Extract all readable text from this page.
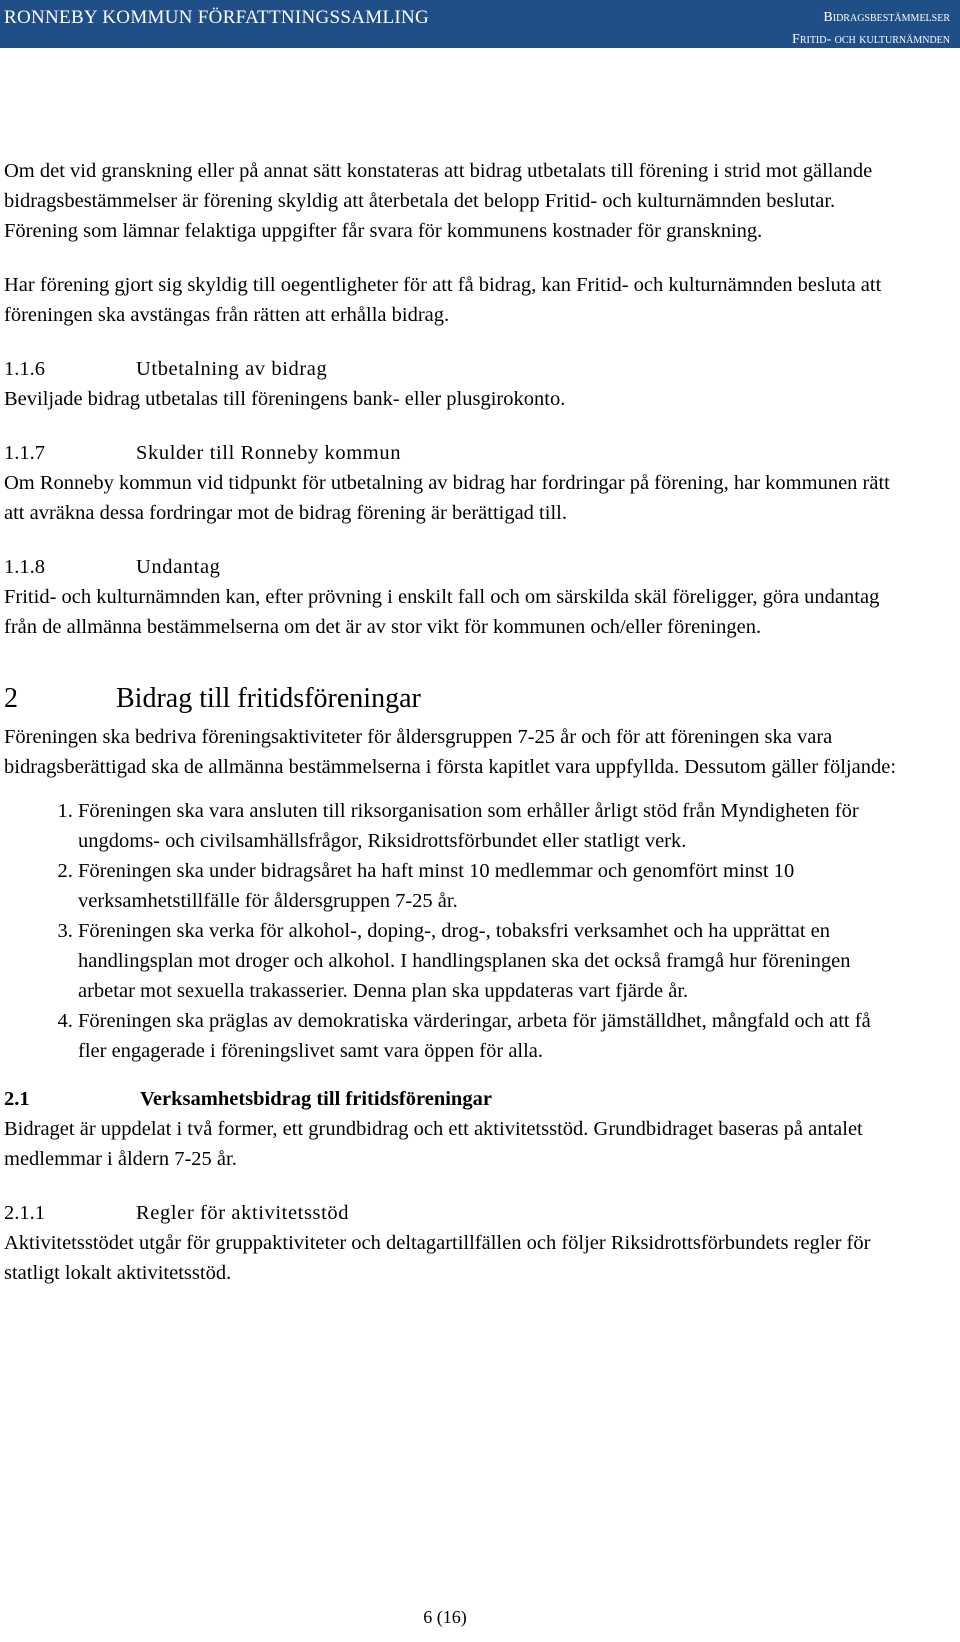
RONNEBY KOMMUN FÖRFATTNINGSSAMLING	Bidragsbestämmelser
Fritid- och kulturnämnden

Om det vid granskning eller på annat sätt konstateras att bidrag utbetalats till förening i strid mot gällande bidragsbestämmelser är förening skyldig att återbetala det belopp Fritid- och kulturnämnden beslutar. Förening som lämnar felaktiga uppgifter får svara för kommunens kostnader för granskning.

Har förening gjort sig skyldig till oegentligheter för att få bidrag, kan Fritid- och kulturnämnden besluta att föreningen ska avstängas från rätten att erhålla bidrag.

1.1.6	Utbetalning av bidrag

Beviljade bidrag utbetalas till föreningens bank- eller plusgirokonto.

1.1.7	Skulder till Ronneby kommun

Om Ronneby kommun vid tidpunkt för utbetalning av bidrag har fordringar på förening, har kommunen rätt att avräkna dessa fordringar mot de bidrag förening är berättigad till.

1.1.8	Undantag

Fritid- och kulturnämnden kan, efter prövning i enskilt fall och om särskilda skäl föreligger, göra undantag från de allmänna bestämmelserna om det är av stor vikt för kommunen och/eller föreningen.

2	Bidrag till fritidsföreningar

Föreningen ska bedriva föreningsaktiviteter för åldersgruppen 7-25 år och för att föreningen ska vara bidragsberättigad ska de allmänna bestämmelserna i första kapitlet vara uppfyllda. Dessutom gäller följande:

1. Föreningen ska vara ansluten till riksorganisation som erhåller årligt stöd från Myndigheten för ungdoms- och civilsamhällsfrågor, Riksidrottsförbundet eller statligt verk.
2. Föreningen ska under bidragsåret ha haft minst 10 medlemmar och genomfört minst 10 verksamhetstillfälle för åldersgruppen 7-25 år.
3. Föreningen ska verka för alkohol-, doping-, drog-, tobaksfri verksamhet och ha upprättat en handlingsplan mot droger och alkohol. I handlingsplanen ska det också framgå hur föreningen arbetar mot sexuella trakasserier. Denna plan ska uppdateras vart fjärde år.
4. Föreningen ska präglas av demokratiska värderingar, arbeta för jämställdhet, mångfald och att få fler engagerade i föreningslivet samt vara öppen för alla.
2.1	Verksamhetsbidrag till fritidsföreningar

Bidraget är uppdelat i två former, ett grundbidrag och ett aktivitetsstöd. Grundbidraget baseras på antalet medlemmar i åldern 7-25 år.

2.1.1	Regler för aktivitetsstöd

Aktivitetsstödet utgår för gruppaktiviteter och deltagartillfällen och följer Riksidrottsförbundets regler för statligt lokalt aktivitetsstöd.

6 (16)
